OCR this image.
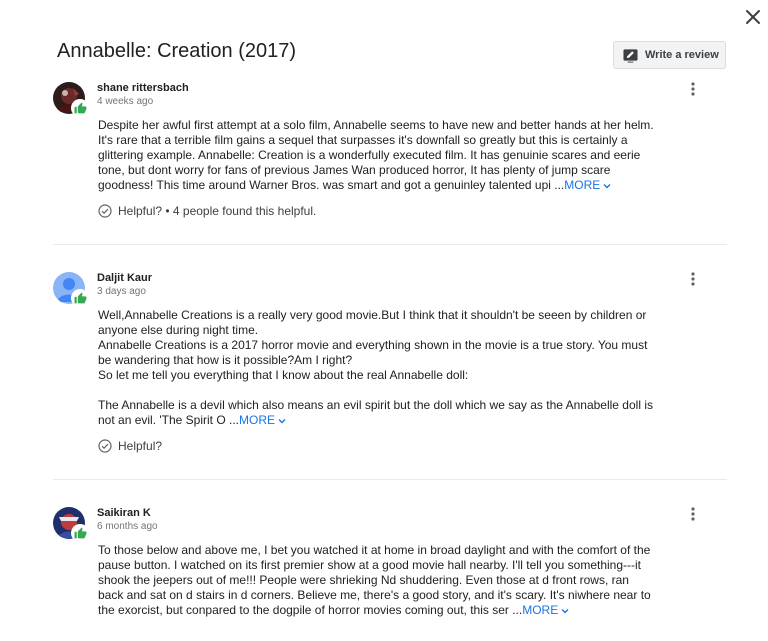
Annabelle: Creation (2017)	Write a review
shane rittersbach
4 weeks ago
Despite her awful first attempt at a solo film, Annabelle seems to have new and better hands at her helm.
It's rare that a terrible film gains a sequel that surpasses it's downfall so greatly but this is certainly a
glittering example. Annabelle: Creation is a wonderfully executed film. It has genuinie scares and eerie
tone, but dont worry for fans of previous James Wan produced horror, It has plenty of jump scare
goodness! This time around Warner Bros. was smart and got a genuinley talented upi ...MORE
Helpful? • 4 people found this helpful.
Daljit Kaur
3 days ago
Well,Annabelle Creations is a really very good movie.But I think that it shouldn't be seeen by children or
anyone else during night time.
Annabelle Creations is a 2017 horror movie and everything shown in the movie is a true story. You must
be wandering that how is it possible?Am I right?
So let me tell you everything that I know about the real Annabelle doll:

The Annabelle is a devil which also means an evil spirit but the doll which we say as the Annabelle doll is
not an evil. 'The Spirit O ...MORE
Helpful?
Saikiran K
6 months ago
To those below and above me, I bet you watched it at home in broad daylight and with the comfort of the
pause button. I watched on its first premier show at a good movie hall nearby. I'll tell you something---it
shook the jeepers out of me!!! People were shrieking Nd shuddering. Even those at d front rows, ran
back and sat on d stairs in d corners. Believe me, there's a good story, and it's scary. It's niwhere near to
the exorcist, but conpared to the dogpile of horror movies coming out, this ser ...MORE
